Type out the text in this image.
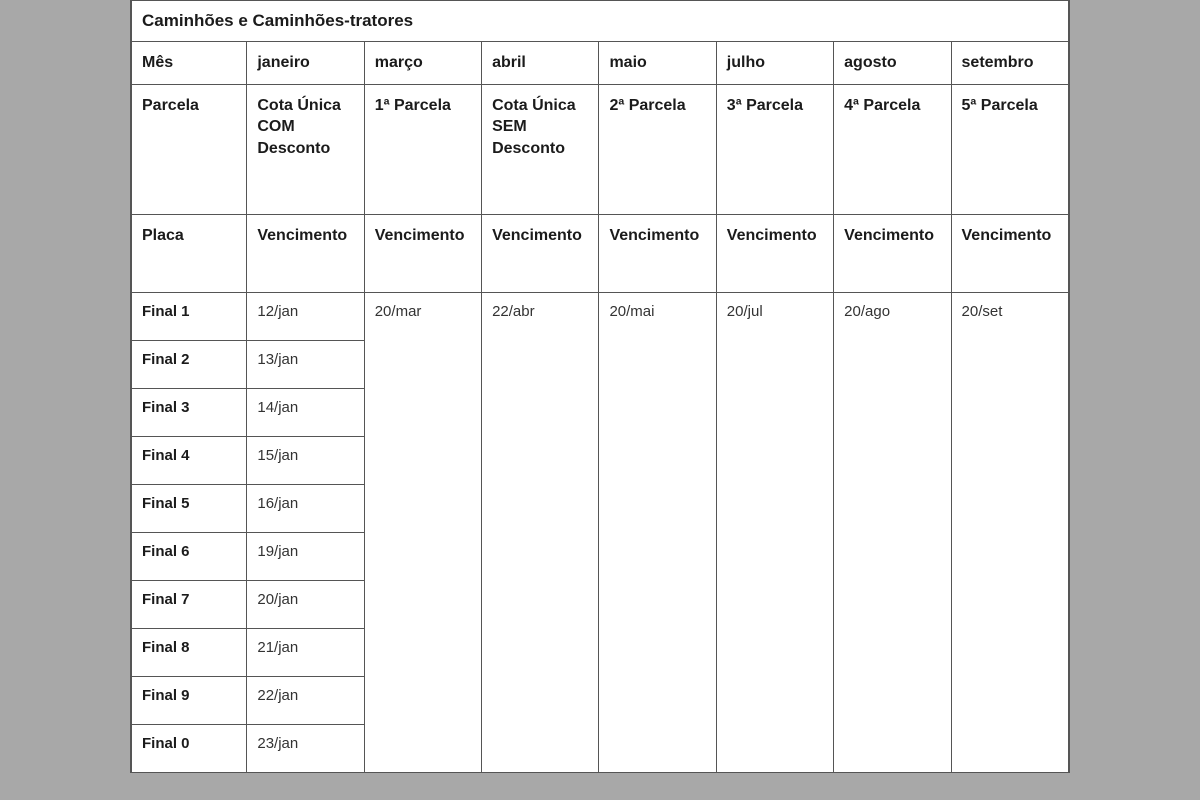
Caminhões e Caminhões-tratores							
Mês	janeiro	março	abril	maio	julho	agosto	setembro
Parcela	Cota Única COM Desconto	1ª Parcela	Cota Única SEM Desconto	2ª Parcela	3ª Parcela	4ª Parcela	5ª Parcela
Placa	Vencimento	Vencimento	Vencimento	Vencimento	Vencimento	Vencimento	Vencimento
Final 1	12/jan	20/mar	22/abr	20/mai	20/jul	20/ago	20/set
Final 2	13/jan						
Final 3	14/jan						
Final 4	15/jan						
Final 5	16/jan						
Final 6	19/jan						
Final 7	20/jan						
Final 8	21/jan						
Final 9	22/jan						
Final 0	23/jan						
